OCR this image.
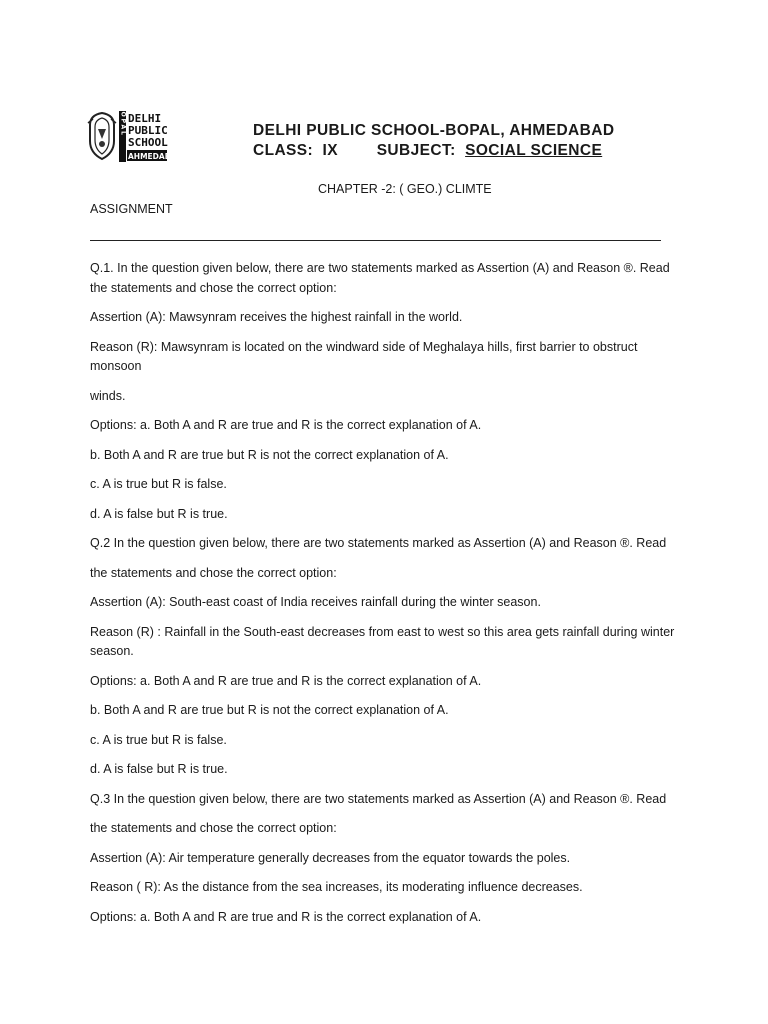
BOPAL DELHI
PUBLIC
SCHOOL
AHMEDABAD
DELHI PUBLIC SCHOOL-BOPAL, AHMEDABAD
CLASS: IX SUBJECT: SOCIAL SCIENCE
CHAPTER -2: ( GEO.) CLIMTE
ASSIGNMENT

Q.1. In the question given below, there are two statements marked as Assertion (A) and Reason ®. Read the statements and chose the correct option:

Assertion (A): Mawsynram receives the highest rainfall in the world.

Reason (R): Mawsynram is located on the windward side of Meghalaya hills, first barrier to obstruct monsoon

winds.

Options: a. Both A and R are true and R is the correct explanation of A.

b. Both A and R are true but R is not the correct explanation of A.

c. A is true but R is false.

d. A is false but R is true.

Q.2 In the question given below, there are two statements marked as Assertion (A) and Reason ®. Read

the statements and chose the correct option:

Assertion (A): South-east coast of India receives rainfall during the winter season.

Reason (R) : Rainfall in the South-east decreases from east to west so this area gets rainfall during winter season.

Options: a. Both A and R are true and R is the correct explanation of A.

b. Both A and R are true but R is not the correct explanation of A.

c. A is true but R is false.

d. A is false but R is true.

Q.3 In the question given below, there are two statements marked as Assertion (A) and Reason ®. Read

the statements and chose the correct option:

Assertion (A): Air temperature generally decreases from the equator towards the poles.

Reason ( R): As the distance from the sea increases, its moderating influence decreases.

Options: a. Both A and R are true and R is the correct explanation of A.
